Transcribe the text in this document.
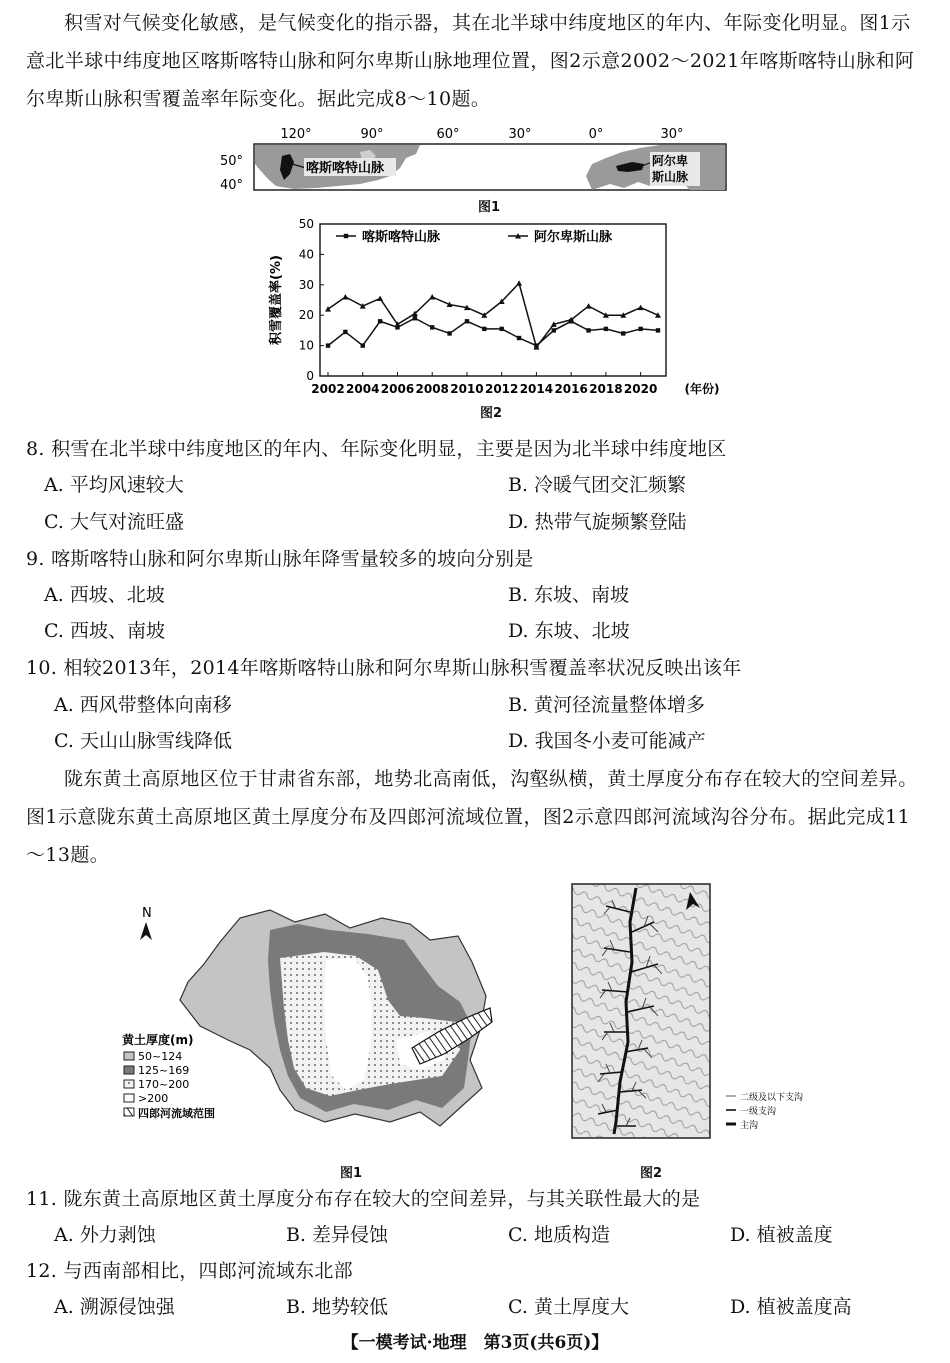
积雪对气候变化敏感，是气候变化的指示器，其在北半球中纬度地区的年内、年际变化明显。图1示意北半球中纬度地区喀斯喀特山脉和阿尔卑斯山脉地理位置，图2示意2002～2021年喀斯喀特山脉和阿尔卑斯山脉积雪覆盖率年际变化。据此完成8～10题。
120°	90°	60°	30°	0°	30°
50°
40°
喀斯喀特山脉	阿尔卑
斯山脉
图1
0
10
20
30
40
50
2002 2004 2006 2008 2010 2012 2014 2016 2018 2020 (年份)
积雪覆盖率(%)
喀斯喀特山脉	阿尔卑斯山脉
图2
8. 积雪在北半球中纬度地区的年内、年际变化明显，主要是因为北半球中纬度地区
A. 平均风速较大	B. 冷暖气团交汇频繁
C. 大气对流旺盛	D. 热带气旋频繁登陆
9. 喀斯喀特山脉和阿尔卑斯山脉年降雪量较多的坡向分别是
A. 西坡、北坡	B. 东坡、南坡
C. 西坡、南坡	D. 东坡、北坡
10. 相较2013年，2014年喀斯喀特山脉和阿尔卑斯山脉积雪覆盖率状况反映出该年
A. 西风带整体向南移	B. 黄河径流量整体增多
C. 天山山脉雪线降低	D. 我国冬小麦可能减产
陇东黄土高原地区位于甘肃省东部，地势北高南低，沟壑纵横，黄土厚度分布存在较大的空间差异。图1示意陇东黄土高原地区黄土厚度分布及四郎河流域位置，图2示意四郎河流域沟谷分布。据此完成11～13题。
N
黄土厚度(m)
50~124
125~169
170~200
>200
四郎河流域范围
图1
二级及以下支沟
一级支沟
主沟
图2
11. 陇东黄土高原地区黄土厚度分布存在较大的空间差异，与其关联性最大的是
A. 外力剥蚀	B. 差异侵蚀	C. 地质构造	D. 植被盖度
12. 与西南部相比，四郎河流域东北部
A. 溯源侵蚀强	B. 地势较低	C. 黄土厚度大	D. 植被盖度高
【一模考试·地理　第3页(共6页)】
